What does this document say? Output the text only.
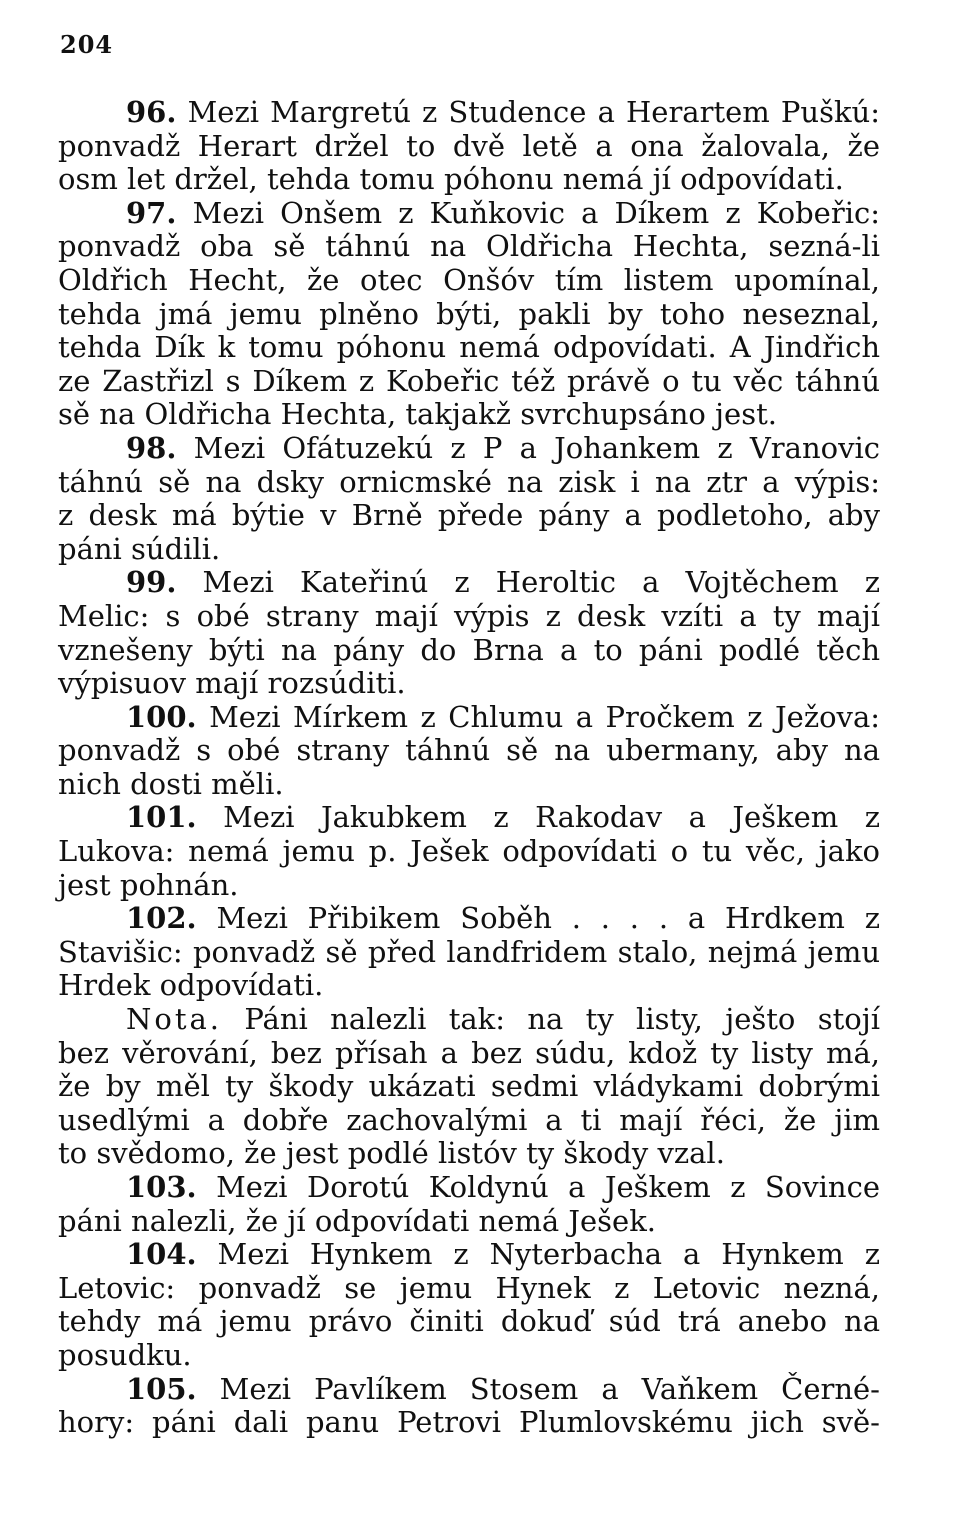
204
96. Mezi Margretú z Studence a Herartem Puškú:
ponvadž Herart držel to dvě letě a ona žalovala, že
osm let držel, tehda tomu póhonu nemá jí odpovídati.
97. Mezi Onšem z Kuňkovic a Díkem z Kobeřic:
ponvadž oba sě táhnú na Oldřicha Hechta, sezná-li
Oldřich Hecht, že otec Onšóv tím listem upomínal,
tehda jmá jemu plněno býti, pakli by toho neseznal,
tehda Dík k tomu póhonu nemá odpovídati. A Jindřich
ze Zastřizl s Díkem z Kobeřic též právě o tu věc táhnú
sě na Oldřicha Hechta, takjakž svrchupsáno jest.
98. Mezi Ofátuzekú z P a Johankem z Vranovic
táhnú sě na dsky ornicmské na zisk i na ztr a výpis:
z desk má býtie v Brně přede pány a podletoho, aby
páni súdili.
99. Mezi Kateřinú z Heroltic a Vojtěchem z
Melic: s obé strany mají výpis z desk vzíti a ty mají
vznešeny býti na pány do Brna a to páni podlé těch
výpisuov mají rozsúditi.
100. Mezi Mírkem z Chlumu a Pročkem z Ježova:
ponvadž s obé strany táhnú sě na ubermany, aby na
nich dosti měli.
101. Mezi Jakubkem z Rakodav a Ješkem z
Lukova: nemá jemu p. Ješek odpovídati o tu věc, jako
jest pohnán.
102. Mezi Přibikem Soběh . . . . a Hrdkem z
Stavišic: ponvadž sě před landfridem stalo, nejmá jemu
Hrdek odpovídati.
Nota. Páni nalezli tak: na ty listy, ješto stojí
bez věrování, bez přísah a bez súdu, kdož ty listy má,
že by měl ty škody ukázati sedmi vládykami dobrými
usedlými a dobře zachovalými a ti mají řéci, že jim
to svědomo, že jest podlé listóv ty škody vzal.
103. Mezi Dorotú Koldynú a Ješkem z Sovince
páni nalezli, že jí odpovídati nemá Ješek.
104. Mezi Hynkem z Nyterbacha a Hynkem z
Letovic: ponvadž se jemu Hynek z Letovic nezná,
tehdy má jemu právo činiti dokuď súd trá anebo na
posudku.
105. Mezi Pavlíkem Stosem a Vaňkem Černé-
hory: páni dali panu Petrovi Plumlovskému jich svě-
